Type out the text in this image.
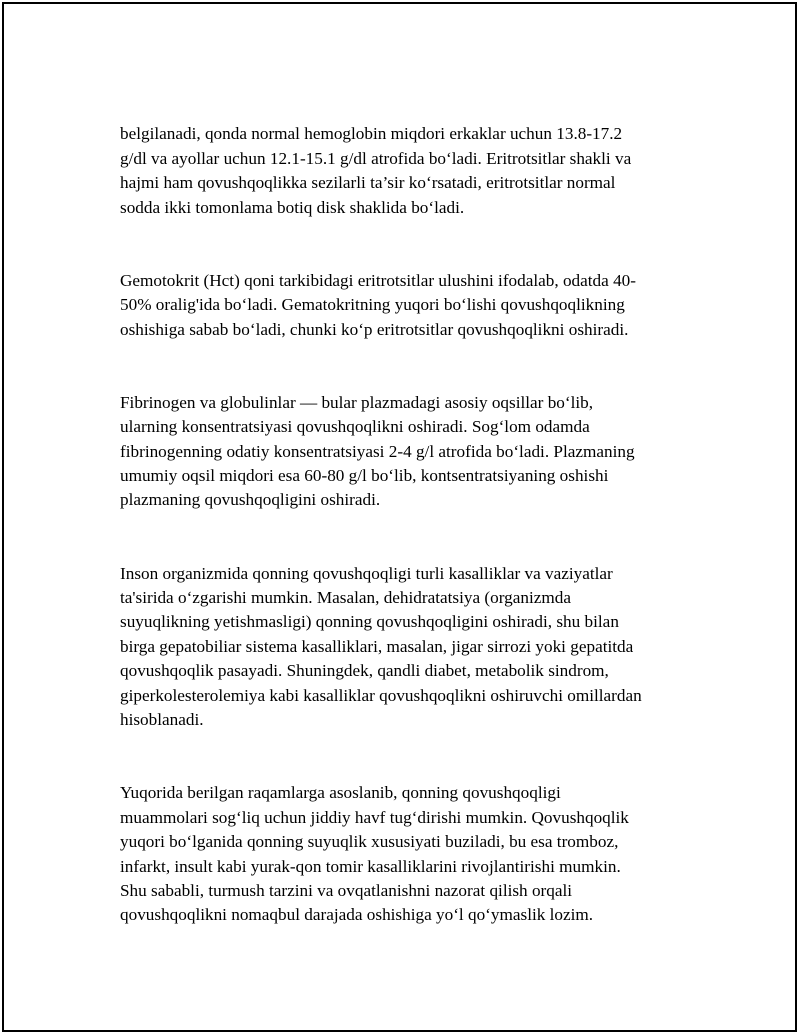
belgilanadi, qonda normal hemoglobin miqdori erkaklar uchun 13.8-17.2
g/dl va ayollar uchun 12.1-15.1 g/dl atrofida bo‘ladi. Eritrotsitlar shakli va
hajmi ham qovushqoqlikka sezilarli ta’sir ko‘rsatadi, eritrotsitlar normal
sodda ikki tomonlama botiq disk shaklida bo‘ladi.

Gemotokrit (Hct) qoni tarkibidagi eritrotsitlar ulushini ifodalab, odatda 40-
50% oralig'ida bo‘ladi. Gematokritning yuqori bo‘lishi qovushqoqlikning
oshishiga sabab bo‘ladi, chunki ko‘p eritrotsitlar qovushqoqlikni oshiradi.

Fibrinogen va globulinlar — bular plazmadagi asosiy oqsillar bo‘lib,
ularning konsentratsiyasi qovushqoqlikni oshiradi. Sog‘lom odamda
fibrinogenning odatiy konsentratsiyasi 2-4 g/l atrofida bo‘ladi. Plazmaning
umumiy oqsil miqdori esa 60-80 g/l bo‘lib, kontsentratsiyaning oshishi
plazmaning qovushqoqligini oshiradi.

Inson organizmida qonning qovushqoqligi turli kasalliklar va vaziyatlar
ta'sirida o‘zgarishi mumkin. Masalan, dehidratatsiya (organizmda
suyuqlikning yetishmasligi) qonning qovushqoqligini oshiradi, shu bilan
birga gepatobiliar sistema kasalliklari, masalan, jigar sirrozi yoki gepatitda
qovushqoqlik pasayadi. Shuningdek, qandli diabet, metabolik sindrom,
giperkolesterolemiya kabi kasalliklar qovushqoqlikni oshiruvchi omillardan
hisoblanadi.

Yuqorida berilgan raqamlarga asoslanib, qonning qovushqoqligi
muammolari sog‘liq uchun jiddiy havf tug‘dirishi mumkin. Qovushqoqlik
yuqori bo‘lganida qonning suyuqlik xususiyati buziladi, bu esa tromboz,
infarkt, insult kabi yurak-qon tomir kasalliklarini rivojlantirishi mumkin.
Shu sababli, turmush tarzini va ovqatlanishni nazorat qilish orqali
qovushqoqlikni nomaqbul darajada oshishiga yo‘l qo‘ymaslik lozim.
